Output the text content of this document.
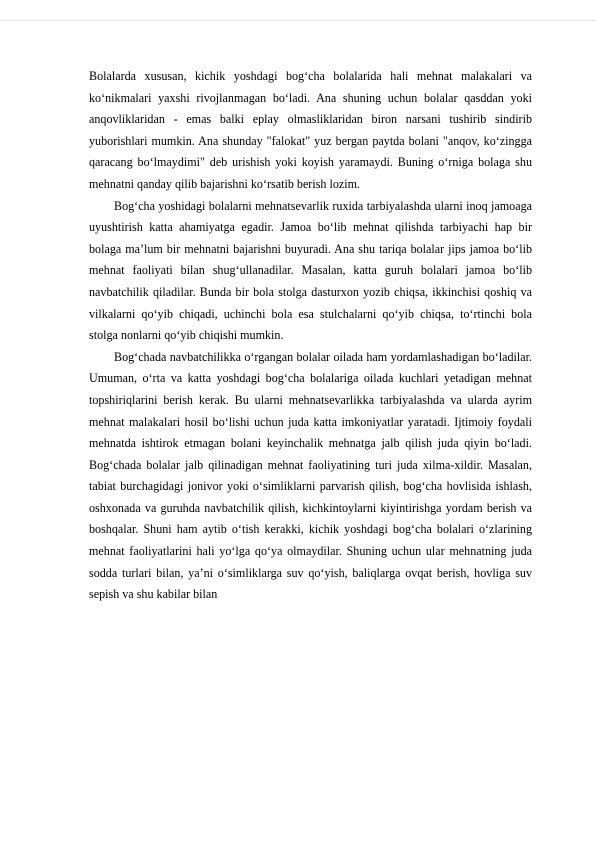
Bolalarda xususan, kichik yoshdagi bog‘cha bolalarida hali mehnat malakalari va ko‘nikmalari yaxshi rivojlanmagan bo‘ladi. Ana shuning uchun bolalar qasddan yoki anqovliklaridan - emas balki eplay olmasliklaridan biron narsani tushirib sindirib yuborishlari mumkin. Ana shunday "falokat" yuz bergan paytda bolani "anqov, ko‘zingga qaraсang bo‘lmaydimi" deb urishish yoki koyish yaramaydi. Buning o‘rniga bolaga shu mehnatni qanday qilib bajarishni ko‘rsatib berish lozim.

Bog‘cha yoshidagi bolalarni mehnatsevarlik ruxida tarbiyalashda ularni inoq jamoaga uyushtirish katta ahamiyatga egadir. Jamoa bo‘lib mehnat qilishda tarbiyachi hap bir bolaga ma’lum bir mehnatni bajarishni buyuradi. Ana shu tariqa bolalar jips jamoa bo‘lib mehnat faoliyati bilan shug‘ullanadilar. Masalan, katta guruh bolalari jamoa bo‘lib navbatchilik qiladilar. Bunda bir bola stolga dasturxon yozib chiqsa, ikkinchisi qoshiq va vilkalarni qo‘yib chiqadi, uchinchi bola esa stulchalarni qo‘yib chiqsa, to‘rtinchi bola stolga nonlarni qo‘yib chiqishi mumkin.

Bog‘chada navbatchilikka o‘rgangan bolalar oilada ham yordamlashadigan bo‘ladilar. Umuman, o‘rta va katta yoshdagi bog‘cha bolalariga oilada kuchlari yetadigan mehnat topshiriqlarini berish kerak. Bu ularni mehnatsevarlikka tarbiyalashda va ularda ayrim mehnat malakalari hosil bo‘lishi uchun juda katta imkoniyatlar yaratadi. Ijtimoiy foydali mehnatda ishtirok etmagan bolani keyinchalik mehnatga jalb qilish juda qiyin bo‘ladi. Bog‘chada bolalar jalb qilinadigan mehnat faoliyatining turi juda xilma-xildir. Masalan, tabiat burchagidagi jonivor yoki o‘simliklarni parvarish qilish, bog‘cha hovlisida ishlash, oshxonada va guruhda navbatchilik qilish, kichkintoylarni kiyintirishga yordam berish va boshqalar. Shuni ham aytib o‘tish kerakki, kichik yoshdagi bog‘cha bolalari o‘zlarining mehnat faoliyatlarini hali yo‘lga qo‘ya olmaydilar. Shuning uchun ular mehnatning juda sodda turlari bilan, ya’ni o‘simliklarga suv qo‘yish, baliqlarga ovqat berish, hovliga suv sepish va shu kabilar bilan
